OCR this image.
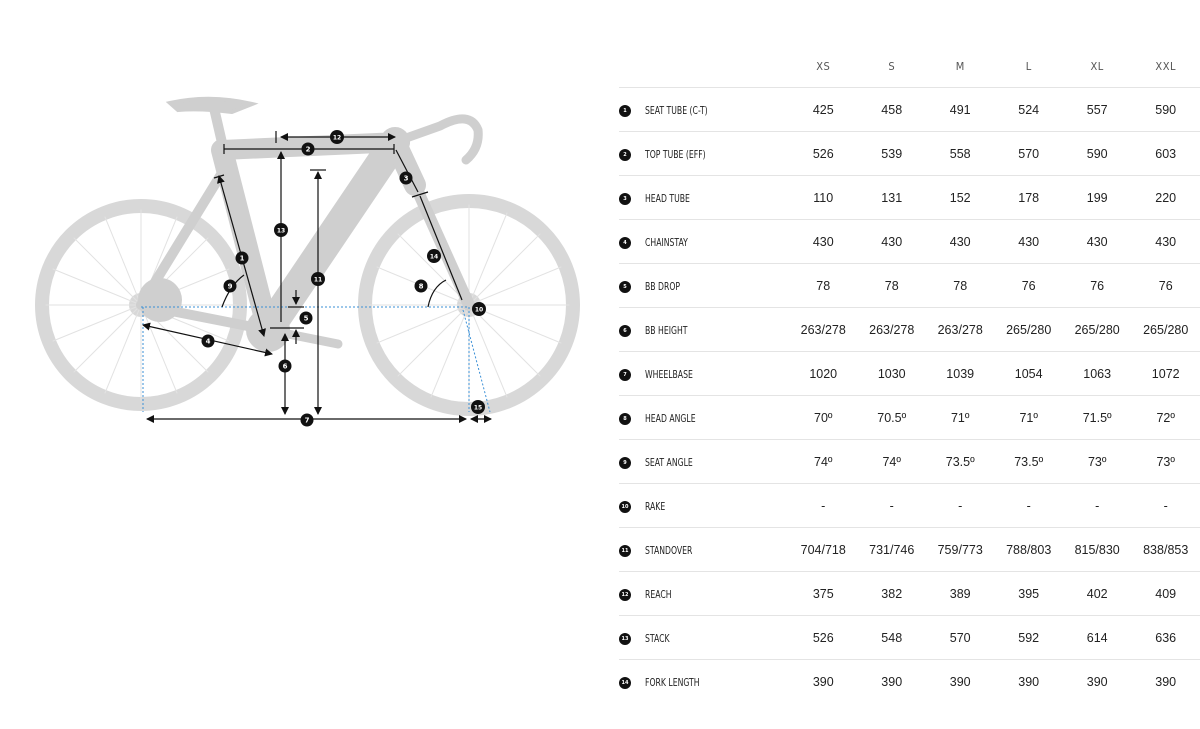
1
2
3
4
5
6
7
8
9
10
11
12
13
14
15
	XS	S	M	L	XL	XXL
1 SEAT TUBE (C-T)	425	458	491	524	557	590
2 TOP TUBE (EFF)	526	539	558	570	590	603
3 HEAD TUBE	110	131	152	178	199	220
4 CHAINSTAY	430	430	430	430	430	430
5 BB DROP	78	78	78	76	76	76
6 BB HEIGHT	263/278	263/278	263/278	265/280	265/280	265/280
7 WHEELBASE	1020	1030	1039	1054	1063	1072
8 HEAD ANGLE	70º	70.5º	71º	71º	71.5º	72º
9 SEAT ANGLE	74º	74º	73.5º	73.5º	73º	73º
10 RAKE	-	-	-	-	-	-
11 STANDOVER	704/718	731/746	759/773	788/803	815/830	838/853
12 REACH	375	382	389	395	402	409
13 STACK	526	548	570	592	614	636
14 FORK LENGTH	390	390	390	390	390	390
